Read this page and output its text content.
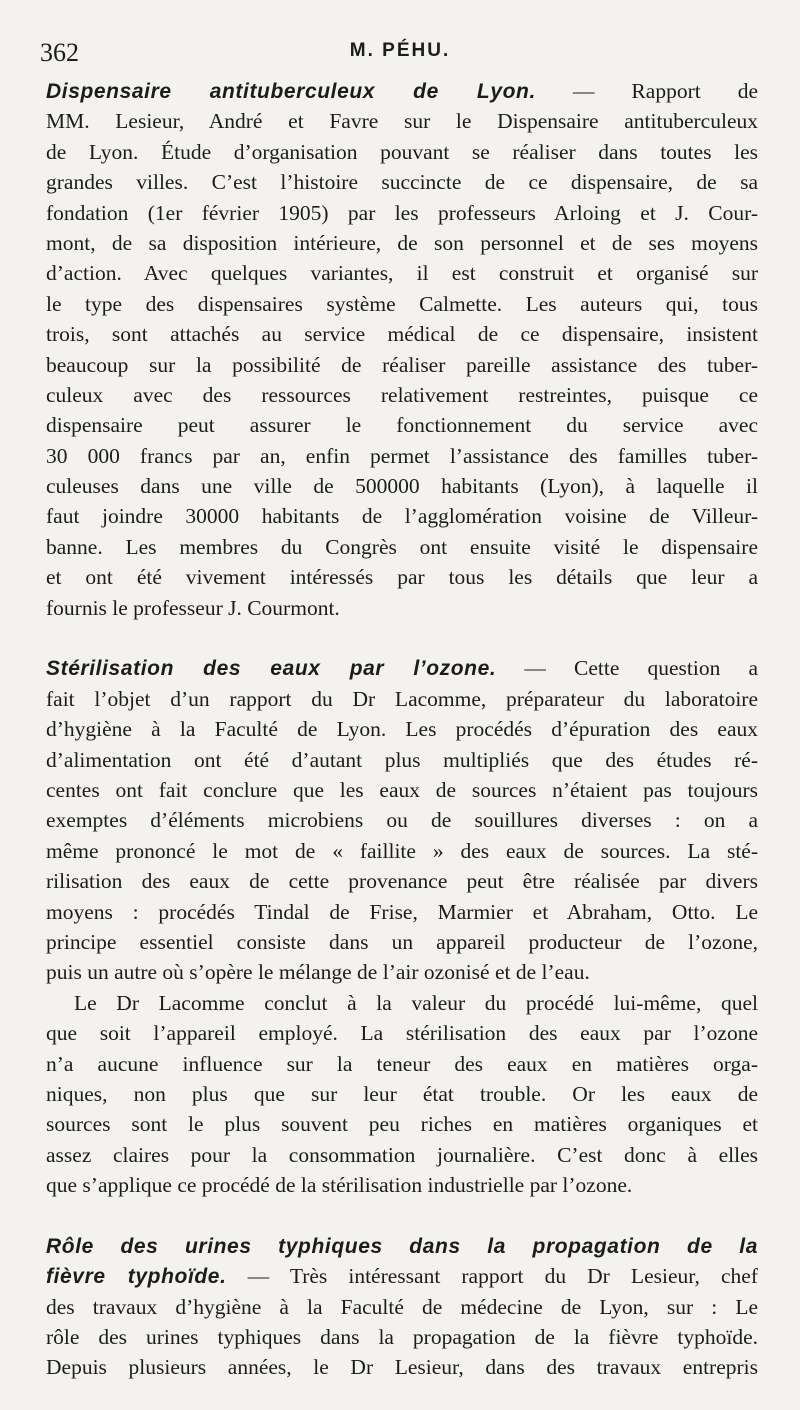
362	M. PÉHU.
Dispensaire antituberculeux de Lyon. — Rapport de
MM. Lesieur, André et Favre sur le Dispensaire antituberculeux
de Lyon. Étude d’organisation pouvant se réaliser dans toutes les
grandes villes. C’est l’histoire succincte de ce dispensaire, de sa
fondation (1er février 1905) par les professeurs Arloing et J. Cour-
mont, de sa disposition intérieure, de son personnel et de ses moyens
d’action. Avec quelques variantes, il est construit et organisé sur
le type des dispensaires système Calmette. Les auteurs qui, tous
trois, sont attachés au service médical de ce dispensaire, insistent
beaucoup sur la possibilité de réaliser pareille assistance des tuber-
culeux avec des ressources relativement restreintes, puisque ce
dispensaire peut assurer le fonctionnement du service avec
30 000 francs par an, enfin permet l’assistance des familles tuber-
culeuses dans une ville de 500000 habitants (Lyon), à laquelle il
faut joindre 30000 habitants de l’agglomération voisine de Villeur-
banne. Les membres du Congrès ont ensuite visité le dispensaire
et ont été vivement intéressés par tous les détails que leur a
fournis le professeur J. Courmont.
Stérilisation des eaux par l’ozone. — Cette question a
fait l’objet d’un rapport du Dr Lacomme, préparateur du laboratoire
d’hygiène à la Faculté de Lyon. Les procédés d’épuration des eaux
d’alimentation ont été d’autant plus multipliés que des études ré-
centes ont fait conclure que les eaux de sources n’étaient pas toujours
exemptes d’éléments microbiens ou de souillures diverses : on a
même prononcé le mot de « faillite » des eaux de sources. La sté-
rilisation des eaux de cette provenance peut être réalisée par divers
moyens : procédés Tindal de Frise, Marmier et Abraham, Otto. Le
principe essentiel consiste dans un appareil producteur de l’ozone,
puis un autre où s’opère le mélange de l’air ozonisé et de l’eau.
Le Dr Lacomme conclut à la valeur du procédé lui-même, quel
que soit l’appareil employé. La stérilisation des eaux par l’ozone
n’a aucune influence sur la teneur des eaux en matières orga-
niques, non plus que sur leur état trouble. Or les eaux de
sources sont le plus souvent peu riches en matières organiques et
assez claires pour la consommation journalière. C’est donc à elles
que s’applique ce procédé de la stérilisation industrielle par l’ozone.
Rôle des urines typhiques dans la propagation de la
fièvre typhoïde. — Très intéressant rapport du Dr Lesieur, chef
des travaux d’hygiène à la Faculté de médecine de Lyon, sur : Le
rôle des urines typhiques dans la propagation de la fièvre typhoïde.
Depuis plusieurs années, le Dr Lesieur, dans des travaux entrepris
